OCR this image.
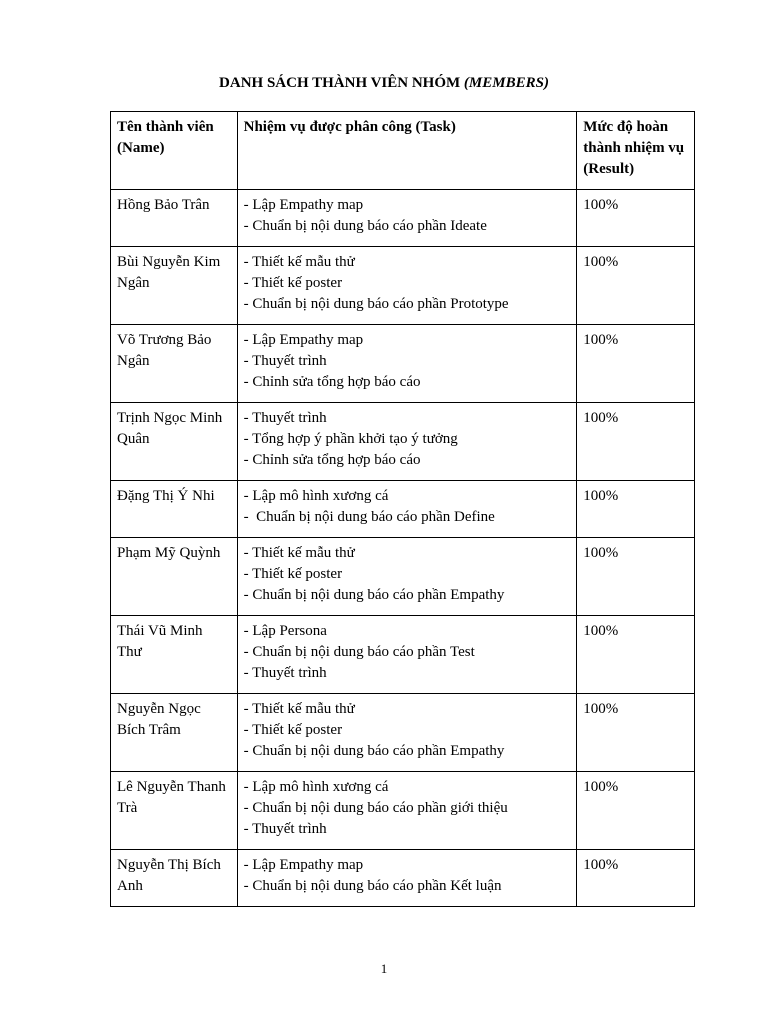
DANH SÁCH THÀNH VIÊN NHÓM (MEMBERS)
Tên thành viên (Name)	Nhiệm vụ được phân công (Task)	Mức độ hoàn thành nhiệm vụ (Result)
Hồng Bảo Trân	- Lập Empathy map
- Chuẩn bị nội dung báo cáo phần Ideate	100%
Bùi Nguyễn Kim Ngân	- Thiết kế mẫu thử
- Thiết kế poster
- Chuẩn bị nội dung báo cáo phần Prototype	100%
Võ Trương Bảo Ngân	- Lập Empathy map
- Thuyết trình
- Chỉnh sửa tổng hợp báo cáo	100%
Trịnh Ngọc Minh Quân	- Thuyết trình
- Tổng hợp ý phần khởi tạo ý tưởng
- Chỉnh sửa tổng hợp báo cáo	100%
Đặng Thị Ý Nhi	- Lập mô hình xương cá
-  Chuẩn bị nội dung báo cáo phần Define	100%
Phạm Mỹ Quỳnh	- Thiết kế mẫu thử
- Thiết kế poster
- Chuẩn bị nội dung báo cáo phần Empathy	100%
Thái Vũ Minh Thư	- Lập Persona
- Chuẩn bị nội dung báo cáo phần Test
- Thuyết trình	100%
Nguyễn Ngọc Bích Trâm	- Thiết kế mẫu thử
- Thiết kế poster
- Chuẩn bị nội dung báo cáo phần Empathy	100%
Lê Nguyễn Thanh Trà	- Lập mô hình xương cá
- Chuẩn bị nội dung báo cáo phần giới thiệu
- Thuyết trình	100%
Nguyễn Thị Bích Anh	- Lập Empathy map
- Chuẩn bị nội dung báo cáo phần Kết luận	100%
1
